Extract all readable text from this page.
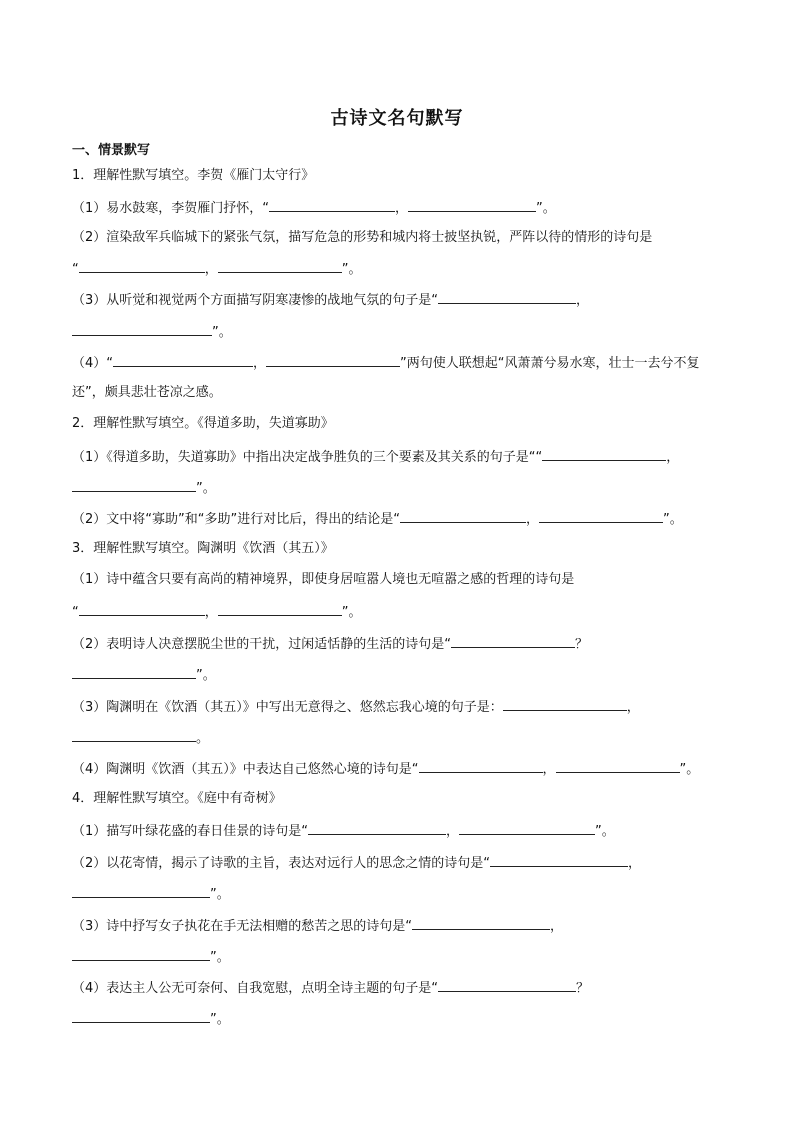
古诗文名句默写
一、情景默写
1．理解性默写填空。李贺《雁门太守行》
（1）易水鼓寒，李贺雁门抒怀，“	，	”。
（2）渲染敌军兵临城下的紧张气氛，描写危急的形势和城内将士披坚执锐，严阵以待的情形的诗句是
“	，	”。
（3）从听觉和视觉两个方面描写阴寒凄惨的战地气氛的句子是“	，
”。
（4）“	，	”两句使人联想起“风萧萧兮易水寒，壮士一去兮不复
还”，颇具悲壮苍凉之感。
2．理解性默写填空。《得道多助，失道寡助》
（1）《得道多助，失道寡助》中指出决定战争胜负的三个要素及其关系的句子是““	，
”。
（2）文中将“寡助”和“多助”进行对比后，得出的结论是“	，	”。
3．理解性默写填空。陶渊明《饮酒（其五）》
（1）诗中蕴含只要有高尚的精神境界，即使身居喧嚣人境也无喧嚣之感的哲理的诗句是
“	，	”。
（2）表明诗人决意摆脱尘世的干扰，过闲适恬静的生活的诗句是“	？
”。
（3）陶渊明在《饮酒（其五）》中写出无意得之、悠然忘我心境的句子是：	，
。
（4）陶渊明《饮酒（其五）》中表达自己悠然心境的诗句是“	，	”。
4．理解性默写填空。《庭中有奇树》
（1）描写叶绿花盛的春日佳景的诗句是“	，	”。
（2）以花寄情，揭示了诗歌的主旨，表达对远行人的思念之情的诗句是“	，
”。
（3）诗中抒写女子执花在手无法相赠的愁苦之思的诗句是“	，
”。
（4）表达主人公无可奈何、自我宽慰，点明全诗主题的句子是“	？
”。
